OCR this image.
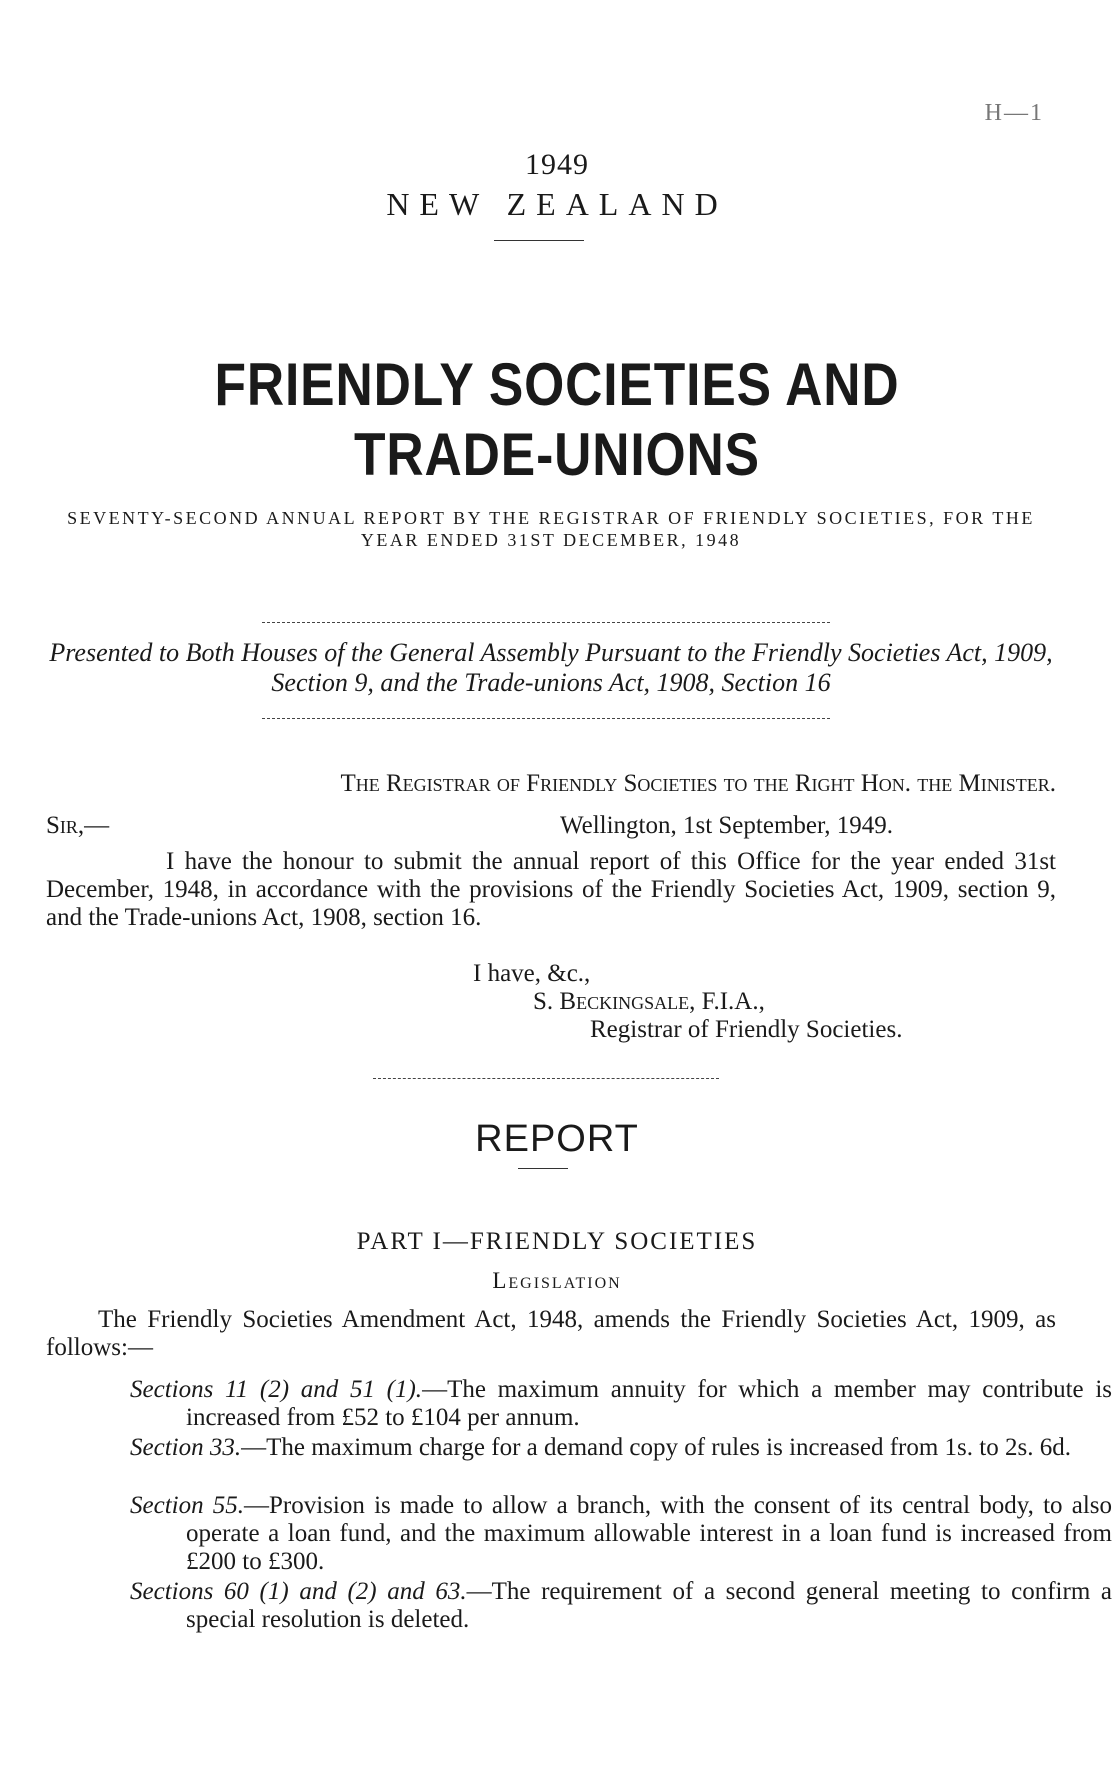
H—1
1949
NEW ZEALAND
FRIENDLY SOCIETIES AND
TRADE-UNIONS
SEVENTY-SECOND ANNUAL REPORT BY THE REGISTRAR OF FRIENDLY SOCIETIES, FOR THE YEAR ENDED 31ST DECEMBER, 1948
Presented to Both Houses of the General Assembly Pursuant to the Friendly Societies Act, 1909, Section 9, and the Trade-unions Act, 1908, Section 16
The Registrar of Friendly Societies to the Right Hon. the Minister.
Sir,—	Wellington, 1st September, 1949.
I have the honour to submit the annual report of this Office for the year ended 31st December, 1948, in accordance with the provisions of the Friendly Societies Act, 1909, section 9, and the Trade-unions Act, 1908, section 16.
I have, &c.,
S. Beckingsale, F.I.A.,
Registrar of Friendly Societies.
REPORT
PART I—FRIENDLY SOCIETIES
Legislation
The Friendly Societies Amendment Act, 1948, amends the Friendly Societies Act, 1909, as follows:—
Sections 11 (2) and 51 (1).—The maximum annuity for which a member may contribute is increased from £52 to £104 per annum.
Section 33.—The maximum charge for a demand copy of rules is increased from 1s. to 2s. 6d.
Section 55.—Provision is made to allow a branch, with the consent of its central body, to also operate a loan fund, and the maximum allowable interest in a loan fund is increased from £200 to £300.
Sections 60 (1) and (2) and 63.—The requirement of a second general meeting to confirm a special resolution is deleted.
